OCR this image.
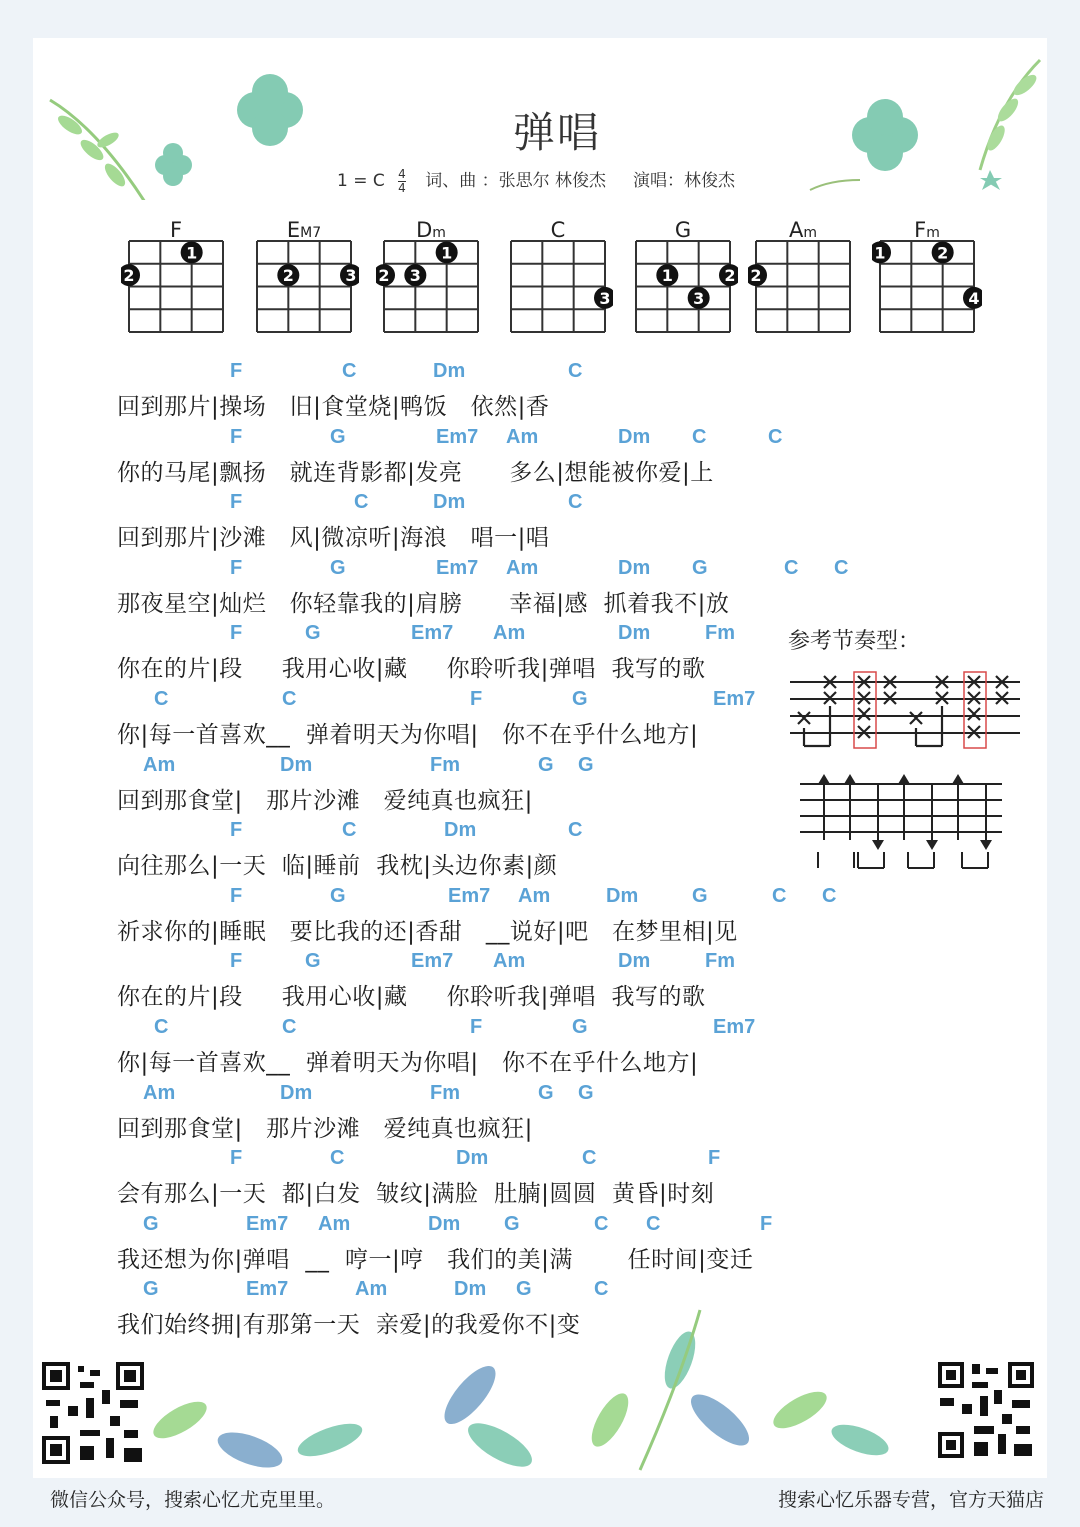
弹唱
1 = C $\frac{4}{4}$ 词、曲 ：张思尔 林俊杰 演唱：林俊杰
F
1
2
EM7
2	3
Dm
1
2 3
C
3
G
1	2
3
Am
2
Fm
1	2
4
F	C	Dm	C
回到那片|操场   旧|食堂烧|鸭饭   依然|香
F	G	Em7 Am	Dm C	C
你的马尾|飘扬   就连背影都|发亮      多么|想能被你爱|上
F	C	Dm	C
回到那片|沙滩   风|微凉听|海浪   唱一|唱
F	G	Em7 Am	Dm G	C C
那夜星空|灿烂   你轻靠我的|肩膀      幸福|感  抓着我不|放
F	G	Em7 Am	Dm	Fm
你在的片|段     我用心收|藏     你聆听我|弹唱  我写的歌
C	C	F	G	Em7
你|每一首喜欢__  弹着明天为你唱|   你不在乎什么地方|
Am	Dm	Fm	G G
回到那食堂|   那片沙滩   爱纯真也疯狂|
F	C	Dm	C
向往那么|一天  临|睡前  我枕|头边你素|颜
F	G	Em7 Am	Dm	G	C C
祈求你的|睡眠   要比我的还|香甜   __说好|吧   在梦里相|见
F	G	Em7 Am	Dm	Fm
你在的片|段     我用心收|藏     你聆听我|弹唱  我写的歌
C	C	F	G	Em7
你|每一首喜欢__  弹着明天为你唱|   你不在乎什么地方|
Am	Dm	Fm	G G
回到那食堂|   那片沙滩   爱纯真也疯狂|
F	C	Dm	C	F
会有那么|一天  都|白发  皱纹|满脸  肚腩|圆圆  黄昏|时刻
G	Em7 Am	Dm G	C C	F
我还想为你|弹唱  __  哼一|哼   我们的美|满       任时间|变迁
G	Em7	Am	Dm G	C
我们始终拥|有那第一天  亲爱|的我爱你不|变
参考节奏型：
微信公众号，搜索心忆尤克里里。	搜索心忆乐器专营，官方天猫店
